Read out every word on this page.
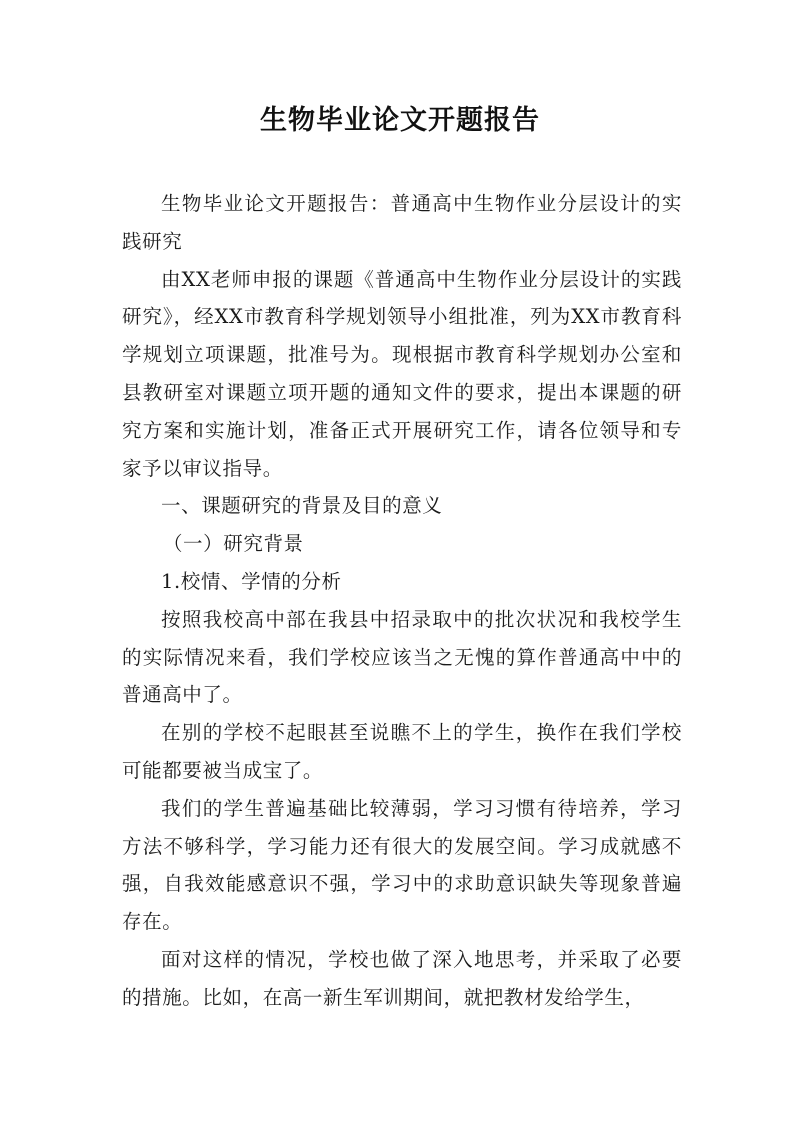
生物毕业论文开题报告

生物毕业论文开题报告：普通高中生物作业分层设计的实践研究

由XX老师申报的课题《普通高中生物作业分层设计的实践研究》，经XX市教育科学规划领导小组批准，列为XX市教育科学规划立项课题，批准号为。现根据市教育科学规划办公室和县教研室对课题立项开题的通知文件的要求，提出本课题的研究方案和实施计划，准备正式开展研究工作，请各位领导和专家予以审议指导。

一、课题研究的背景及目的意义

（一）研究背景

1.校情、学情的分析

按照我校高中部在我县中招录取中的批次状况和我校学生的实际情况来看，我们学校应该当之无愧的算作普通高中中的普通高中了。

在别的学校不起眼甚至说瞧不上的学生，换作在我们学校可能都要被当成宝了。

我们的学生普遍基础比较薄弱，学习习惯有待培养，学习方法不够科学，学习能力还有很大的发展空间。学习成就感不强，自我效能感意识不强，学习中的求助意识缺失等现象普遍存在。

面对这样的情况，学校也做了深入地思考，并采取了必要的措施。比如，在高一新生军训期间，就把教材发给学生，
